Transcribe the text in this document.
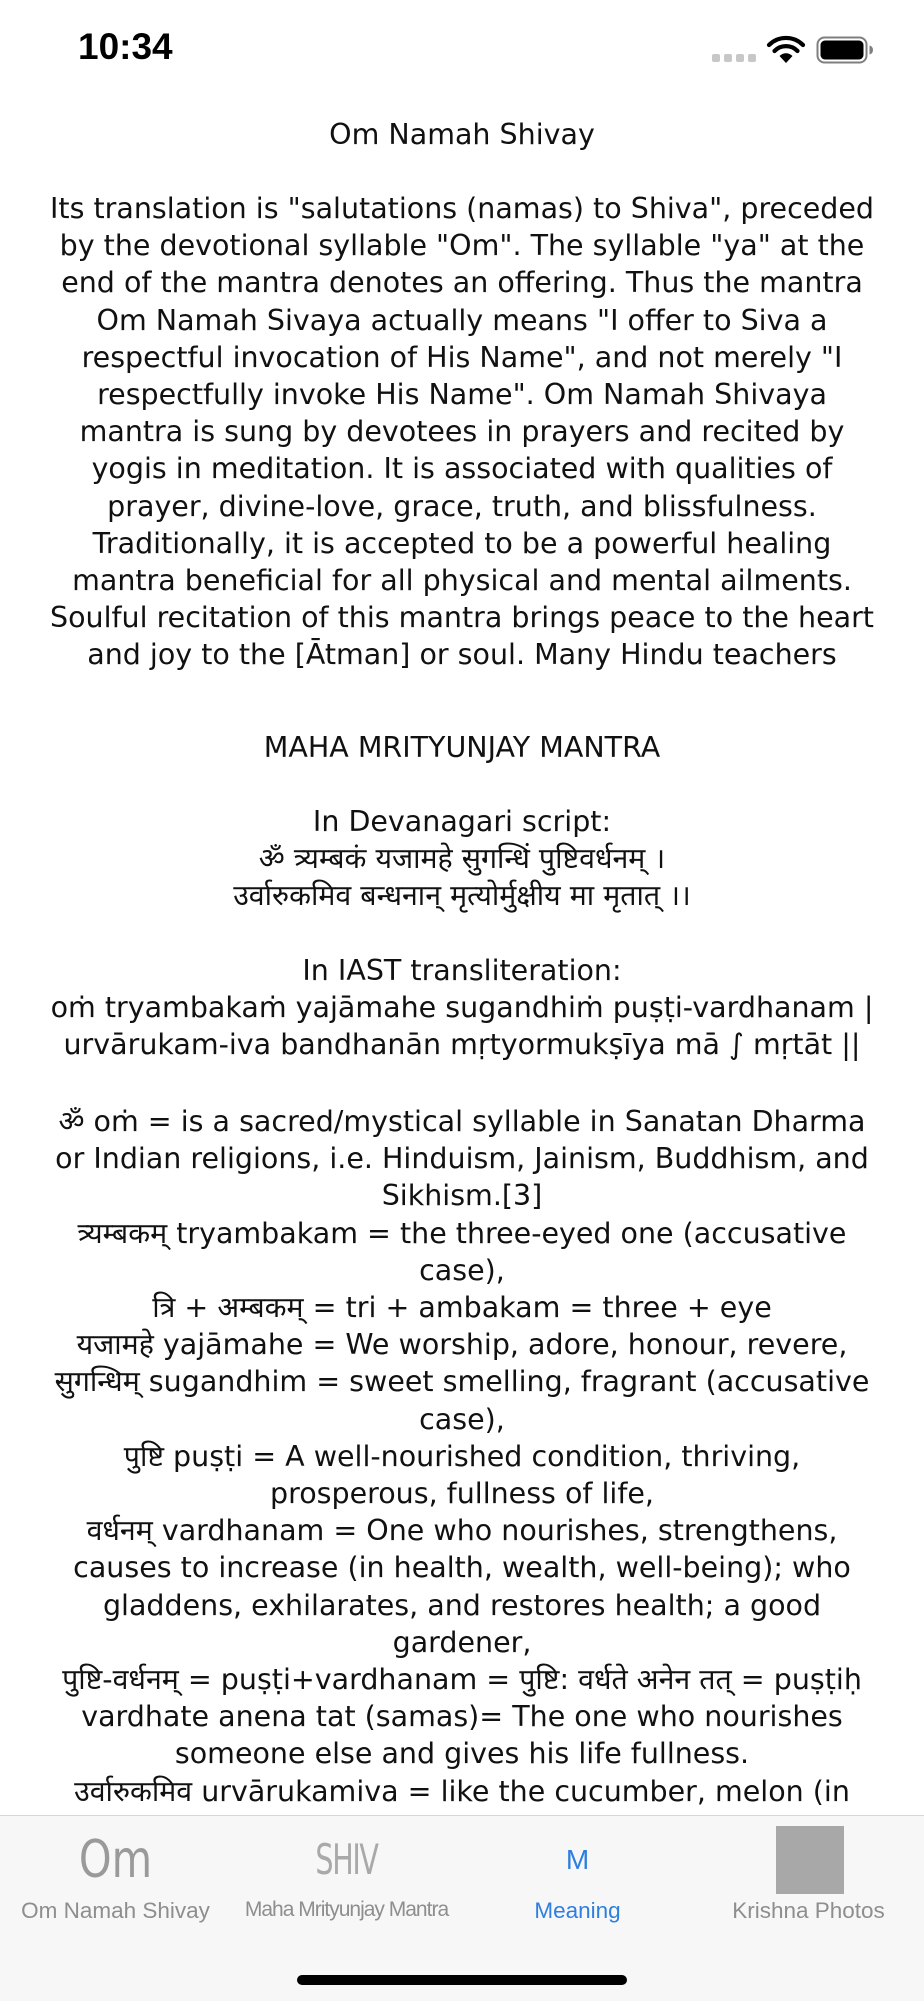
10:34
Om Namah Shivay

Its translation is "salutations (namas) to Shiva", preceded by the devotional syllable "Om". The syllable "ya" at the end of the mantra denotes an offering. Thus the mantra Om Namah Sivaya actually means "I offer to Siva a respectful invocation of His Name", and not merely "I respectfully invoke His Name". Om Namah Shivaya mantra is sung by devotees in prayers and recited by yogis in meditation. It is associated with qualities of prayer, divine-love, grace, truth, and blissfulness. Traditionally, it is accepted to be a powerful healing mantra beneficial for all physical and mental ailments. Soulful recitation of this mantra brings peace to the heart and joy to the [Ātman] or soul. Many Hindu teachers

MAHA MRITYUNJAY MANTRA

In Devanagari script:

ॐ त्र्यम्बकं यजामहे सुगन्धिं पुष्टिवर्धनम् ।

उर्वारुकमिव बन्धनान् मृत्योर्मुक्षीय मा मृतात् ।।

In IAST transliteration:

oṁ tryambakaṁ yajāmahe sugandhiṁ puṣṭi-vardhanam |

urvārukam-iva bandhanān mṛtyormukṣīya mā ∫ mṛtāt ||

ॐ oṁ = is a sacred/mystical syllable in Sanatan Dharma or Indian religions, i.e. Hinduism, Jainism, Buddhism, and Sikhism.[3]

त्र्यम्बकम् tryambakam = the three-eyed one (accusative case),

त्रि + अम्बकम् = tri + ambakam = three + eye

यजामहे yajāmahe = We worship, adore, honour, revere,

सुगन्धिम् sugandhim = sweet smelling, fragrant (accusative case),

पुष्टि puṣṭi = A well-nourished condition, thriving, prosperous, fullness of life,

वर्धनम् vardhanam = One who nourishes, strengthens, causes to increase (in health, wealth, well-being); who gladdens, exhilarates, and restores health; a good gardener,

पुष्टि-वर्धनम् = puṣṭi+vardhanam = पुष्टि: वर्धते अनेन तत् = puṣṭiḥ vardhate anena tat (samas)= The one who nourishes someone else and gives his life fullness.

उर्वारुकमिव urvārukamiva = like the cucumber, melon (in

Om
Om Namah Shivay
SHIV
Maha Mrityunjay Mantra
M
Meaning	Krishna Photos
